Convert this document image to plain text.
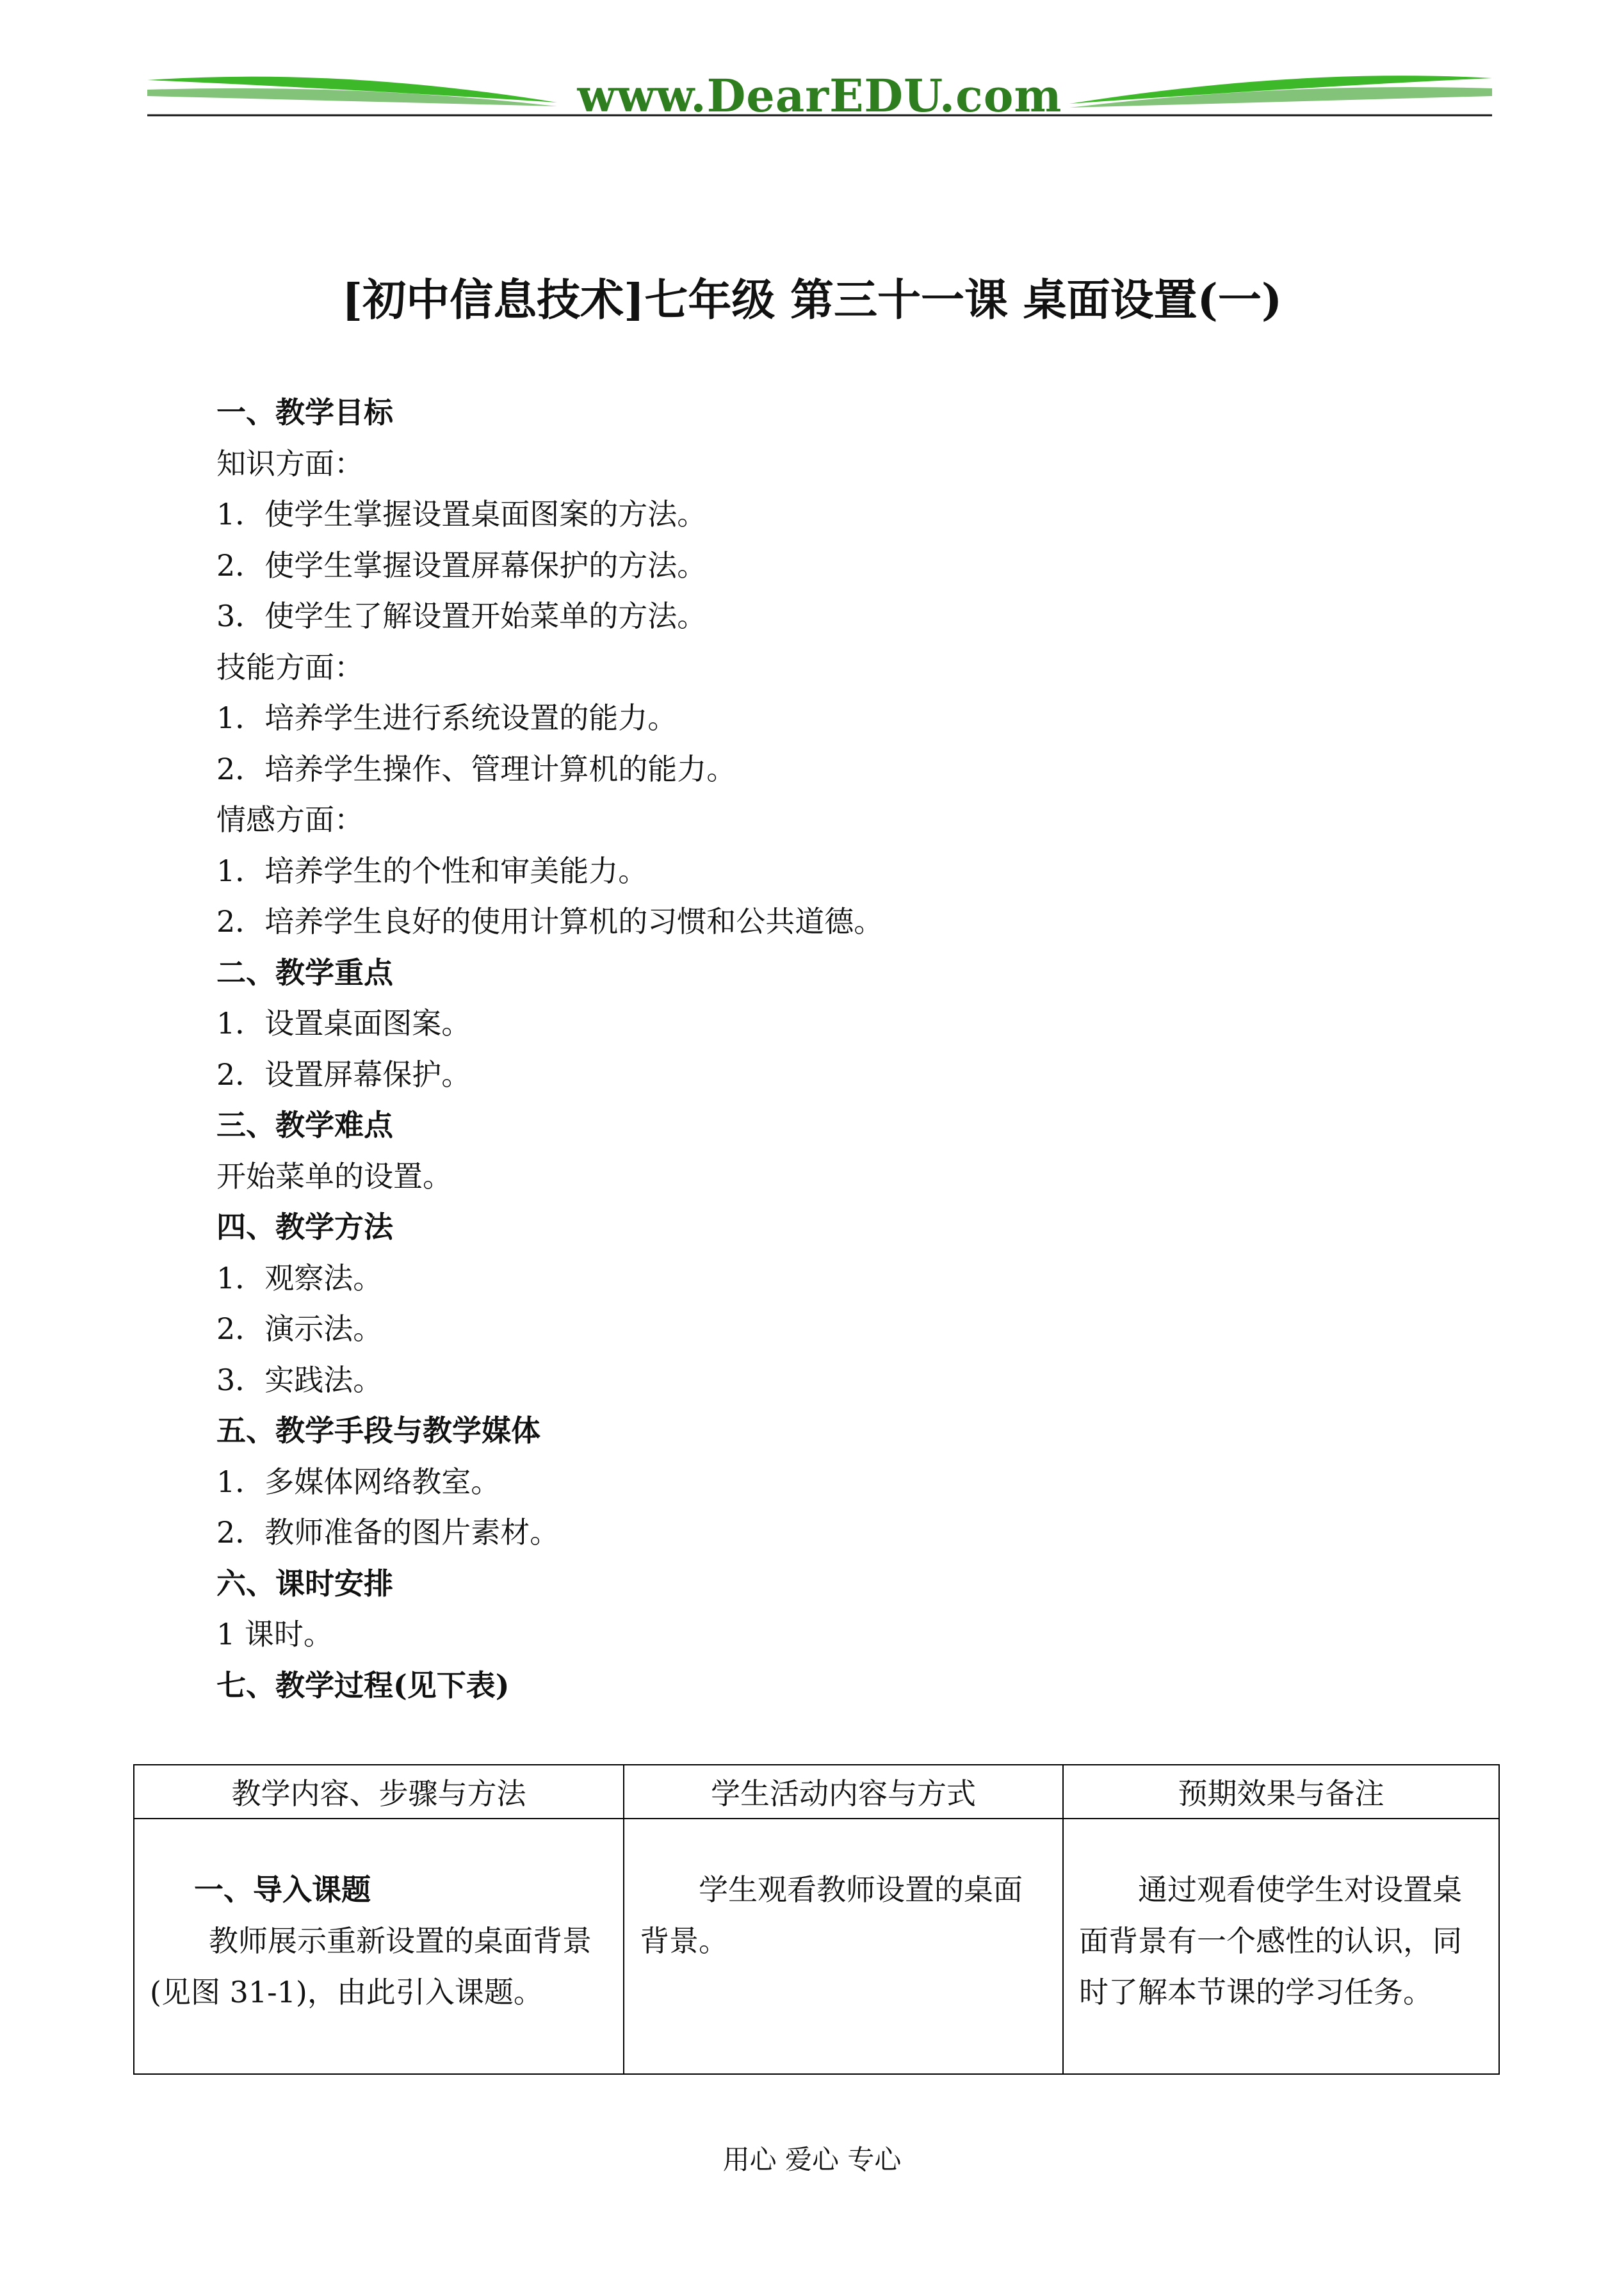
www.DearEDU.com
[初中信息技术]七年级 第三十一课 桌面设置(一)
一、教学目标
知识方面：
1．使学生掌握设置桌面图案的方法。
2．使学生掌握设置屏幕保护的方法。
3．使学生了解设置开始菜单的方法。
技能方面：
1．培养学生进行系统设置的能力。
2．培养学生操作、管理计算机的能力。
情感方面：
1．培养学生的个性和审美能力。
2．培养学生良好的使用计算机的习惯和公共道德。
二、教学重点
1．设置桌面图案。
2．设置屏幕保护。
三、教学难点
开始菜单的设置。
四、教学方法
1．观察法。
2．演示法。
3．实践法。
五、教学手段与教学媒体
1．多媒体网络教室。
2．教师准备的图片素材。
六、课时安排
1 课时。
七、教学过程(见下表)
教学内容、步骤与方法	学生活动内容与方式	预期效果与备注

一、导入课题
教师展示重新设置的桌面背景(见图 31-1)，由此引入课题。	学生观看教师设置的桌面背景。	通过观看使学生对设置桌面背景有一个感性的认识，同时了解本节课的学习任务。
用心 爱心 专心
